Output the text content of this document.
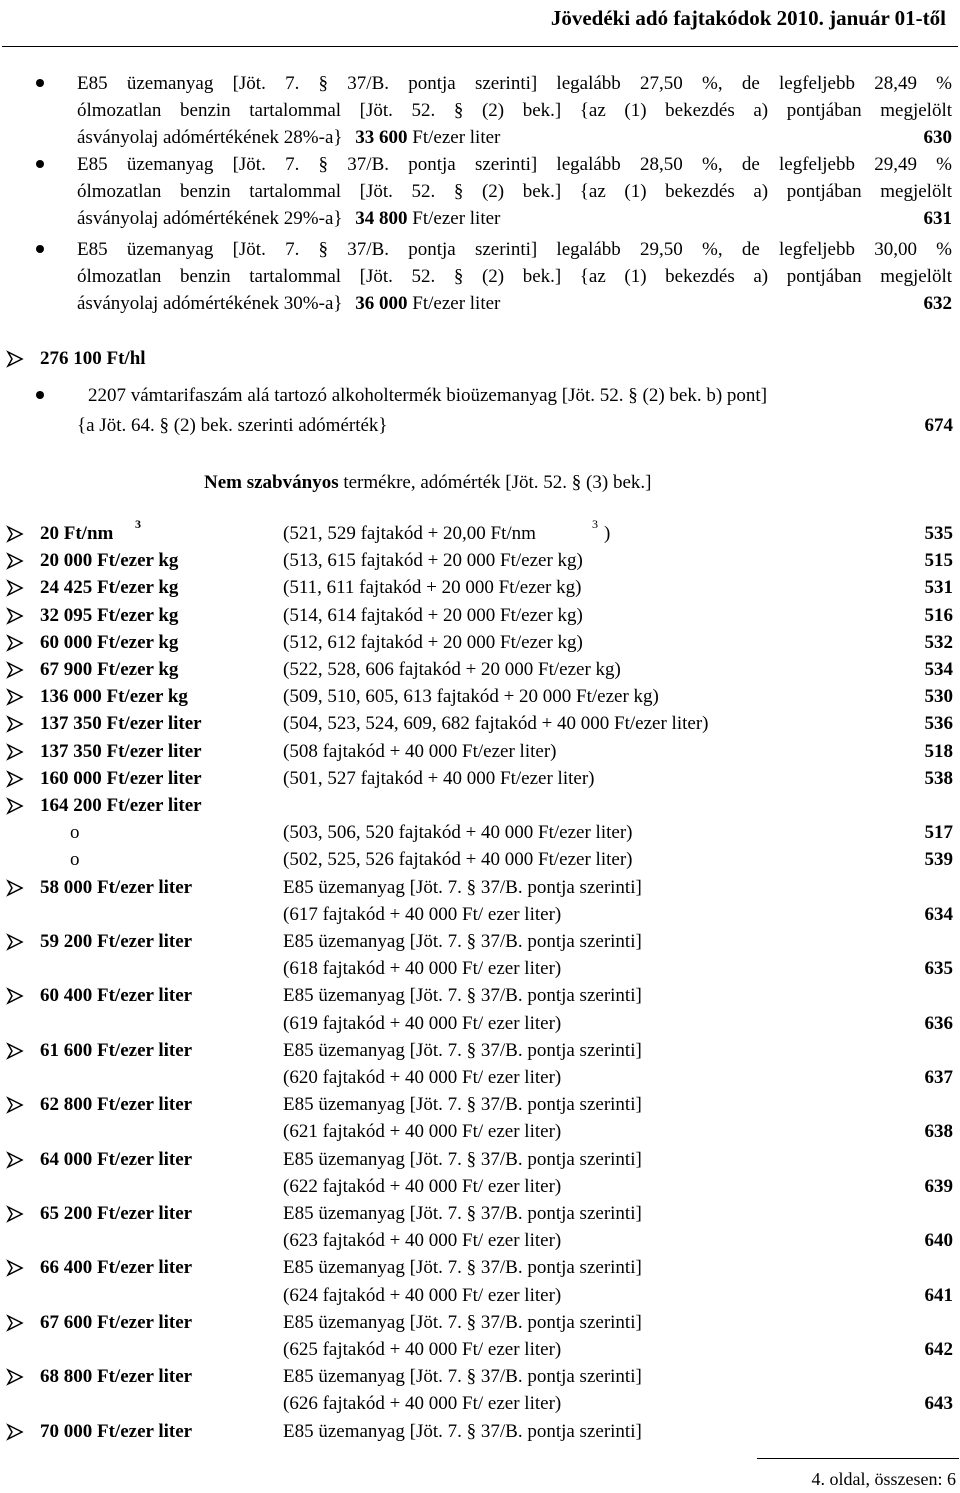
Jövedéki adó fajtakódok 2010. január 01-től
E85 üzemanyag [Jöt. 7. § 37/B. pontja szerinti] legalább 27,50 %, de legfeljebb 28,49 %
ólmozatlan benzin tartalommal [Jöt. 52. § (2) bek.] {az (1) bekezdés a) pontjában megjelölt
ásványolaj adómértékének 28%-a} 33 600 Ft/ezer liter	630
E85 üzemanyag [Jöt. 7. § 37/B. pontja szerinti] legalább 28,50 %, de legfeljebb 29,49 %
ólmozatlan benzin tartalommal [Jöt. 52. § (2) bek.] {az (1) bekezdés a) pontjában megjelölt
ásványolaj adómértékének 29%-a} 34 800 Ft/ezer liter	631
E85 üzemanyag [Jöt. 7. § 37/B. pontja szerinti] legalább 29,50 %, de legfeljebb 30,00 %
ólmozatlan benzin tartalommal [Jöt. 52. § (2) bek.] {az (1) bekezdés a) pontjában megjelölt
ásványolaj adómértékének 30%-a} 36 000 Ft/ezer liter	632
276 100 Ft/hl
2207 vámtarifaszám alá tartozó alkoholtermék bioüzemanyag [Jöt. 52. § (2) bek. b) pont]
{a Jöt. 64. § (2) bek. szerinti adómérték}	674
Nem szabványos termékre, adómérték [Jöt. 52. § (3) bek.]
20 Ft/nm 3	(521, 529 fajtakód + 20,00 Ft/nm	3 )	535
20 000 Ft/ezer kg	(513, 615 fajtakód + 20 000 Ft/ezer kg)	515
24 425 Ft/ezer kg	(511, 611 fajtakód + 20 000 Ft/ezer kg)	531
32 095 Ft/ezer kg	(514, 614 fajtakód + 20 000 Ft/ezer kg)	516
60 000 Ft/ezer kg	(512, 612 fajtakód + 20 000 Ft/ezer kg)	532
67 900 Ft/ezer kg	(522, 528, 606 fajtakód + 20 000 Ft/ezer kg)	534
136 000 Ft/ezer kg	(509, 510, 605, 613 fajtakód + 20 000 Ft/ezer kg)	530
137 350 Ft/ezer liter	(504, 523, 524, 609, 682 fajtakód + 40 000 Ft/ezer liter)	536
137 350 Ft/ezer liter	(508 fajtakód + 40 000 Ft/ezer liter)	518
160 000 Ft/ezer liter	(501, 527 fajtakód + 40 000 Ft/ezer liter)	538
164 200 Ft/ezer liter
o	(503, 506, 520 fajtakód + 40 000 Ft/ezer liter)	517
o	(502, 525, 526 fajtakód + 40 000 Ft/ezer liter)	539
58 000 Ft/ezer liter	E85 üzemanyag [Jöt. 7. § 37/B. pontja szerinti]
(617 fajtakód + 40 000 Ft/ ezer liter)	634
59 200 Ft/ezer liter	E85 üzemanyag [Jöt. 7. § 37/B. pontja szerinti]
(618 fajtakód + 40 000 Ft/ ezer liter)	635
60 400 Ft/ezer liter	E85 üzemanyag [Jöt. 7. § 37/B. pontja szerinti]
(619 fajtakód + 40 000 Ft/ ezer liter)	636
61 600 Ft/ezer liter	E85 üzemanyag [Jöt. 7. § 37/B. pontja szerinti]
(620 fajtakód + 40 000 Ft/ ezer liter)	637
62 800 Ft/ezer liter	E85 üzemanyag [Jöt. 7. § 37/B. pontja szerinti]
(621 fajtakód + 40 000 Ft/ ezer liter)	638
64 000 Ft/ezer liter	E85 üzemanyag [Jöt. 7. § 37/B. pontja szerinti]
(622 fajtakód + 40 000 Ft/ ezer liter)	639
65 200 Ft/ezer liter	E85 üzemanyag [Jöt. 7. § 37/B. pontja szerinti]
(623 fajtakód + 40 000 Ft/ ezer liter)	640
66 400 Ft/ezer liter	E85 üzemanyag [Jöt. 7. § 37/B. pontja szerinti]
(624 fajtakód + 40 000 Ft/ ezer liter)	641
67 600 Ft/ezer liter	E85 üzemanyag [Jöt. 7. § 37/B. pontja szerinti]
(625 fajtakód + 40 000 Ft/ ezer liter)	642
68 800 Ft/ezer liter	E85 üzemanyag [Jöt. 7. § 37/B. pontja szerinti]
(626 fajtakód + 40 000 Ft/ ezer liter)	643
70 000 Ft/ezer liter	E85 üzemanyag [Jöt. 7. § 37/B. pontja szerinti]
4. oldal, összesen: 6
